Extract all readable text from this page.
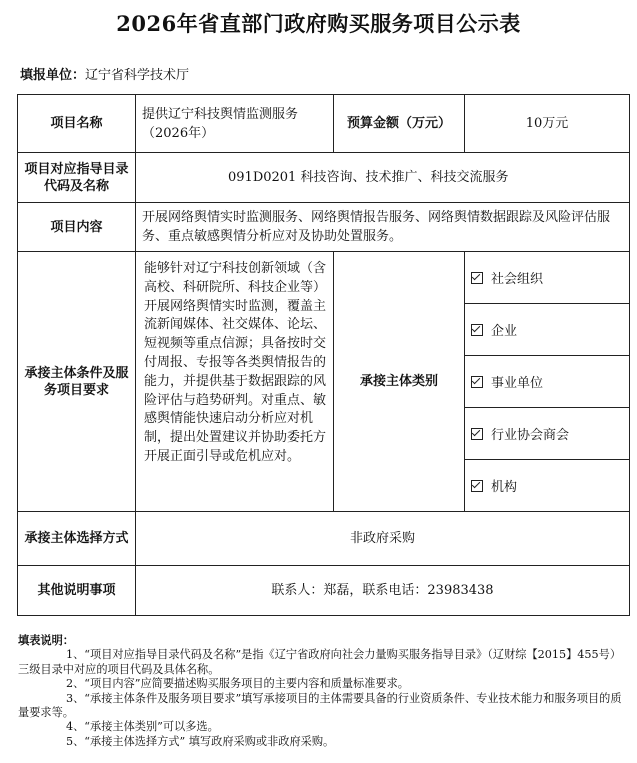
2026年省直部门政府购买服务项目公示表
填报单位：辽宁省科学技术厅
项目名称	提供辽宁科技舆情监测服务（2026年）	预算金额（万元）	10万元
项目对应指导目录代码及名称	091D0201 科技咨询、技术推广、科技交流服务		
项目内容	开展网络舆情实时监测服务、网络舆情报告服务、网络舆情数据跟踪及风险评估服务、重点敏感舆情分析应对及协助处置服务。		
承接主体条件及服务项目要求	能够针对辽宁科技创新领域（含高校、科研院所、科技企业等）开展网络舆情实时监测，覆盖主流新闻媒体、社交媒体、论坛、短视频等重点信源；具备按时交付周报、专报等各类舆情报告的能力，并提供基于数据跟踪的风险评估与趋势研判。对重点、敏感舆情能快速启动分析应对机制，提出处置建议并协助委托方开展正面引导或危机应对。	承接主体类别	社会组织
			企业
			事业单位
			行业协会商会
			机构
承接主体选择方式	非政府采购		
其他说明事项	联系人：郑磊，联系电话：23983438		
填表说明：
1、“项目对应指导目录代码及名称”是指《辽宁省政府向社会力量购买服务指导目录》（辽财综【2015】455号）三级目录中对应的项目代码及具体名称。
2、“项目内容”应简要描述购买服务项目的主要内容和质量标准要求。
3、“承接主体条件及服务项目要求”填写承接项目的主体需要具备的行业资质条件、专业技术能力和服务项目的质量要求等。
4、“承接主体类别”可以多选。
5、“承接主体选择方式” 填写政府采购或非政府采购。
